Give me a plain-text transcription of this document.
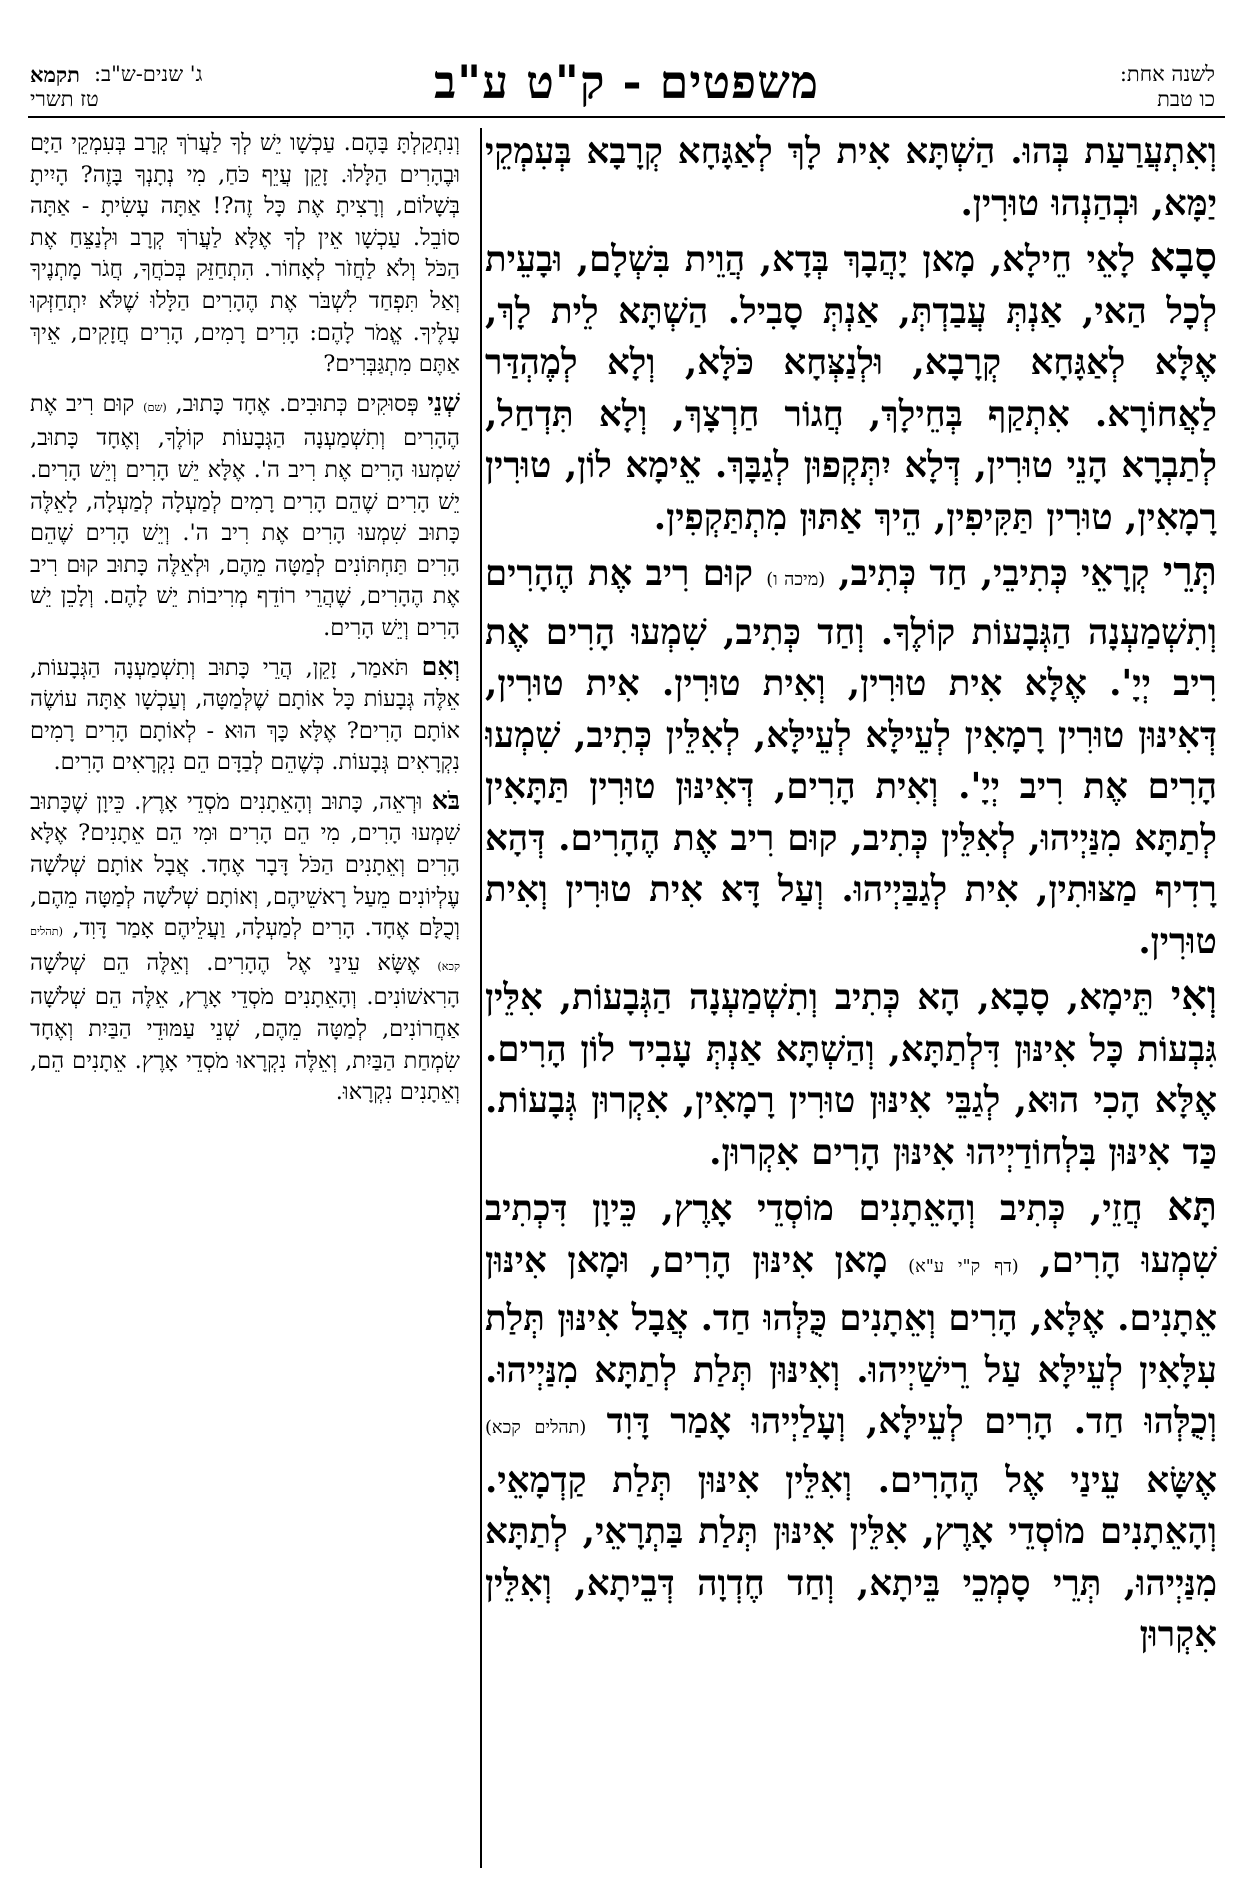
לשנה אחת:
כו טבת
משפטים - ק"ט ע"ב
ג' שנים-ש"ב:
תקמא
טז תשרי

וְאִתְעֲרַעַת בְּהוּ. הַשְׁתָּא אִית לָךְ לְאַגָּחָא קְרָבָא בְּעִמְקֵי יַמָּא, וּבְהַנְהוּ טוּרִין.

סָבָא לָאֵי חֵילָא, מָאן יָהֲבָךְ בְּדָא, הֲוֵית בִּשְׁלָם, וּבָעֵית לְכָל הַאי, אַנְתְּ עֲבַדְתְּ, אַנְתְּ סָבִיל. הַשְׁתָּא לֵית לָךְ, אֶלָּא לְאַגָּחָא קְרָבָא, וּלְנַצְּחָא כֹּלָּא, וְלָא לְמֶהְדַּר לַאֲחוֹרָא. אִתְקַף בְּחֵילָךְ, חֲגוֹר חַרְצָךְ, וְלָא תִּדְחַל, לְתַבְרָא הָנֵי טוּרִין, דְּלָא יִתְּקְפוּן לְגַבָּךְ. אֵימָא לוֹן, טוּרִין רָמָאִין, טוּרִין תַּקִּיפִין, הֵיךְ אַתּוּן מִתְתַּקְפִין.

תְּרֵי קְרָאֵי כְּתִיבֵי, חַד כְּתִיב, (מיכה ו) קוּם רִיב אֶת הֶהָרִים וְתִשְׁמַעְנָה הַגְּבָעוֹת קוֹלֶךָ. וְחַד כְּתִיב, שִׁמְעוּ הָרִים אֶת רִיב יְיָ'. אֶלָּא אִית טוּרִין, וְאִית טוּרִין. אִית טוּרִין, דְּאִינּוּן טוּרִין רָמָאִין לְעֵילָּא לְעֵילָּא, לְאִלֵּין כְּתִיב, שִׁמְעוּ הָרִים אֶת רִיב יְיָ'. וְאִית הָרִים, דְּאִינּוּן טוּרִין תַּתָּאִין לְתַתָּא מִנַּיְיהוּ, לְאִלֵּין כְּתִיב, קוּם רִיב אֶת הֶהָרִים. דְּהָא רָדִיף מַצּוּתִין, אִית לְגַבַּיְיהוּ. וְעַל דָּא אִית טוּרִין וְאִית טוּרִין.

וְאִי תֵּימָא, סָבָא, הָא כְּתִיב וְתִשְׁמַעְנָה הַגְּבָעוֹת, אִלֵּין גִּבְעוֹת כָּל אִינּוּן דִּלְתַתָּא, וְהַשְׁתָּא אַנְתְּ עָבִיד לוֹן הָרִים. אֶלָּא הָכִי הוּא, לְגַבֵּי אִינּוּן טוּרִין רָמָאִין, אִקְרוּן גְּבָעוֹת. כַּד אִינּוּן בִּלְחוֹדַיְיהוּ אִינּוּן הָרִים אִקְרוּן.

תָּא חֲזֵי, כְּתִיב וְהָאֵתָנִים מוֹסְדֵי אָרֶץ, כֵּיוָן דִּכְתִיב שִׁמְעוּ הָרִים, (דף ק"י ע"א) מָאן אִינּוּן הָרִים, וּמָאן אִינּוּן אֵתָנִים. אֶלָּא, הָרִים וְאֵתָנִים כֻּלְּהוּ חַד. אֲבָל אִינּוּן תְּלַת עִלָּאִין לְעֵילָּא עַל רֵישַׁיְיהוּ. וְאִינּוּן תְּלַת לְתַתָּא מִנַּיְיהוּ. וְכֻלְּהוּ חַד. הָרִים לְעֵילָּא, וְעָלַיְיהוּ אָמַר דָּוִד (תהלים קכא) אֶשָּׂא עֵינַי אֶל הֶהָרִים. וְאִלֵּין אִינּוּן תְּלַת קַדְמָאֵי. וְהָאֵתָנִים מוֹסְדֵי אָרֶץ, אִלֵּין אִינּוּן תְּלַת בַּתְרָאֵי, לְתַתָּא מִנַּיְיהוּ, תְּרֵי סָמְכֵי בֵּיתָא, וְחַד חֶדְוָה דְּבֵיתָא, וְאִלֵּין אִקְרוּן

וְנִתְקַלְתָּ בָּהֶם. עַכְשָׁו יֵשׁ לְךָ לַעֲרֹךְ קְרָב בְּעִמְקֵי הַיָּם וּבֶהָרִים הַלָּלוּ. זָקֵן עֲיֵף כֹּחַ, מִי נְתָנְךָ בָּזֶה? הָיִיתָ בְּשָׁלוֹם, וְרָצִיתָ אֶת כָּל זֶה?! אַתָּה עָשִׂיתָ - אַתָּה סוֹבֵל. עַכְשָׁו אֵין לְךָ אֶלָּא לַעֲרֹךְ קְרָב וּלְנַצֵּחַ אֶת הַכֹּל וְלֹא לַחֲזֹר לְאָחוֹר. הִתְחַזֵּק בְּכֹחֲךָ, חֲגֹר מָתְנֶיךָ וְאַל תִּפְחַד לִשְׁבֹּר אֶת הֶהָרִים הַלָּלוּ שֶׁלֹּא יִתְחַזְּקוּ עָלֶיךָ. אֱמֹר לָהֶם: הָרִים רָמִים, הָרִים חֲזָקִים, אֵיךְ אַתֶּם מִתְגַּבְּרִים?

שְׁנֵי פְּסוּקִים כְּתוּבִים. אֶחָד כָּתוּב, (שם) קוּם רִיב אֶת הֶהָרִים וְתִשְׁמַעְנָה הַגְּבָעוֹת קוֹלֶךָ, וְאֶחָד כָּתוּב, שִׁמְעוּ הָרִים אֶת רִיב ה'. אֶלָּא יֵשׁ הָרִים וְיֵשׁ הָרִים. יֵשׁ הָרִים שֶׁהֵם הָרִים רָמִים לְמַעְלָה לְמַעְלָה, לָאֵלֶּה כָּתוּב שִׁמְעוּ הָרִים אֶת רִיב ה'. וְיֵשׁ הָרִים שֶׁהֵם הָרִים תַּחְתּוֹנִים לְמַטָּה מֵהֶם, וּלְאֵלֶּה כָּתוּב קוּם רִיב אֶת הֶהָרִים, שֶׁהֲרֵי רוֹדֵף מְרִיבוֹת יֵשׁ לָהֶם. וְלָכֵן יֵשׁ הָרִים וְיֵשׁ הָרִים.

וְאִם תֹּאמַר, זָקֵן, הֲרֵי כָּתוּב וְתִשְׁמַעְנָה הַגְּבָעוֹת, אֵלֶּה גְּבָעוֹת כָּל אוֹתָם שֶׁלְּמַטָּה, וְעַכְשָׁו אַתָּה עוֹשֶׂה אוֹתָם הָרִים? אֶלָּא כָּךְ הוּא - לְאוֹתָם הָרִים רָמִים נִקְרָאִים גְּבָעוֹת. כְּשֶׁהֵם לְבַדָּם הֵם נִקְרָאִים הָרִים.

בֹּא וּרְאֵה, כָּתוּב וְהָאֵתָנִים מֹסְדֵי אָרֶץ. כֵּיוָן שֶׁכָּתוּב שִׁמְעוּ הָרִים, מִי הֵם הָרִים וּמִי הֵם אֵתָנִים? אֶלָּא הָרִים וְאֵתָנִים הַכֹּל דָּבָר אֶחָד. אֲבָל אוֹתָם שְׁלֹשָׁה עֶלְיוֹנִים מֵעַל רָאשֵׁיהֶם, וְאוֹתָם שְׁלֹשָׁה לְמַטָּה מֵהֶם, וְכֻלָּם אֶחָד. הָרִים לְמַעְלָה, וַעֲלֵיהֶם אָמַר דָּוִד, (תהלים קכא) אֶשָּׂא עֵינַי אֶל הֶהָרִים. וְאֵלֶּה הֵם שְׁלֹשָׁה הָרִאשׁוֹנִים. וְהָאֵתָנִים מֹסְדֵי אָרֶץ, אֵלֶּה הֵם שְׁלֹשָׁה אַחֲרוֹנִים, לְמַטָּה מֵהֶם, שְׁנֵי עַמּוּדֵי הַבַּיִת וְאֶחָד שִׂמְחַת הַבַּיִת, וְאֵלֶּה נִקְרָאוּ מֹסְדֵי אָרֶץ. אֵתָנִים הֵם, וְאֵתָנִים נִקְרָאוּ.
